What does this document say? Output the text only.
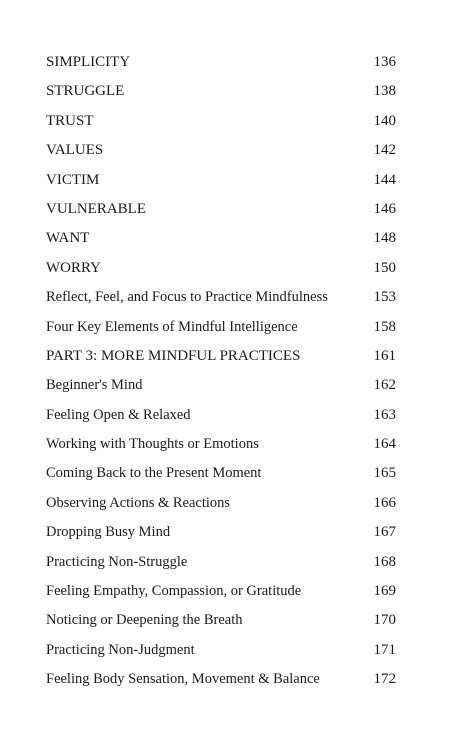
SIMPLICITY	136
STRUGGLE	138
TRUST	140
VALUES	142
VICTIM	144
VULNERABLE	146
WANT	148
WORRY	150
Reflect, Feel, and Focus to Practice Mindfulness	153
Four Key Elements of Mindful Intelligence	158
PART 3: MORE MINDFUL PRACTICES	161
Beginner's Mind	162
Feeling Open & Relaxed	163
Working with Thoughts or Emotions	164
Coming Back to the Present Moment	165
Observing Actions & Reactions	166
Dropping Busy Mind	167
Practicing Non-Struggle	168
Feeling Empathy, Compassion, or Gratitude	169
Noticing or Deepening the Breath	170
Practicing Non-Judgment	171
Feeling Body Sensation, Movement & Balance	172
